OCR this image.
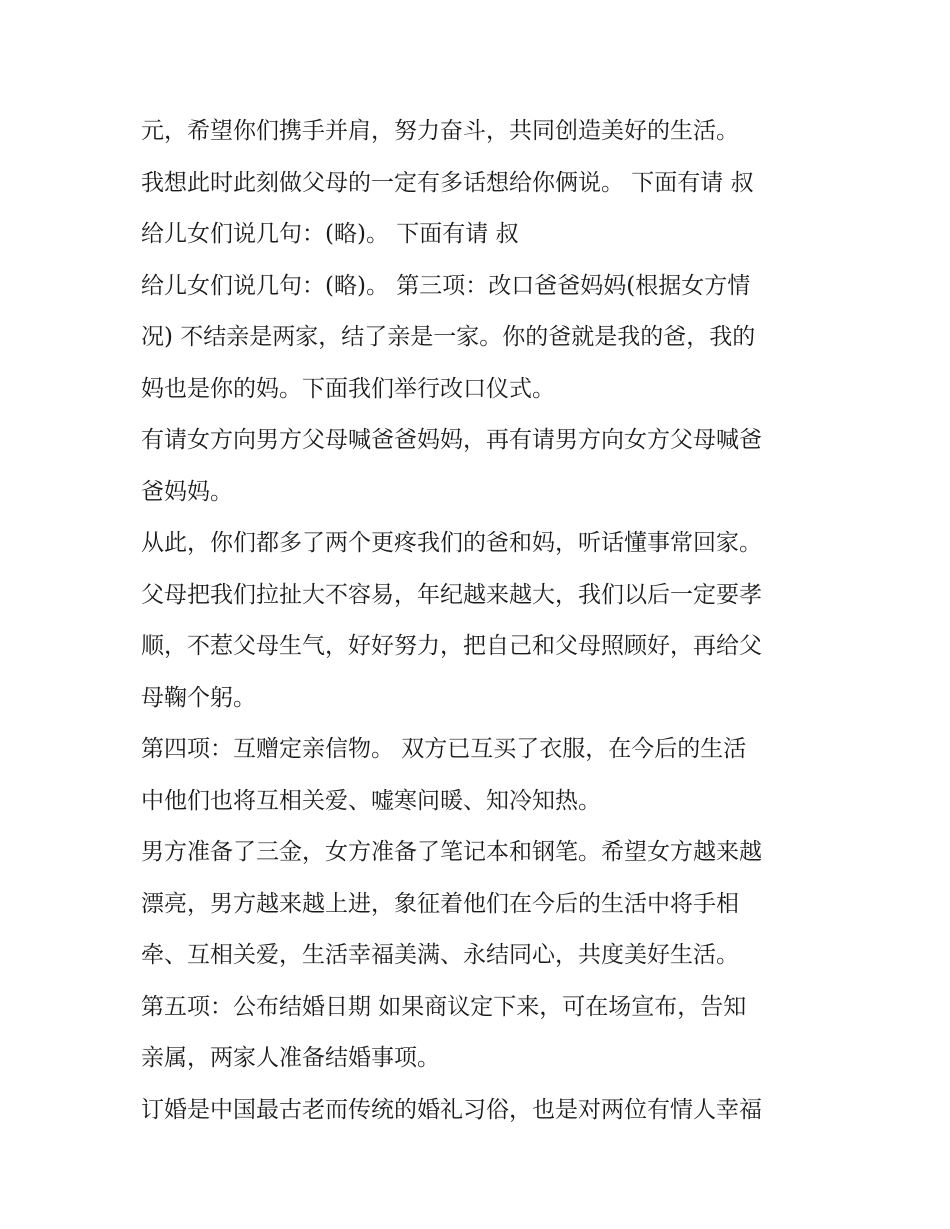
元，希望你们携手并肩，努力奋斗，共同创造美好的生活。
我想此时此刻做父母的一定有多话想给你俩说。 下面有请 叔
给儿女们说几句：(略)。 下面有请 叔
给儿女们说几句：(略)。 第三项：改口爸爸妈妈(根据女方情
况) 不结亲是两家，结了亲是一家。你的爸就是我的爸，我的
妈也是你的妈。下面我们举行改口仪式。
有请女方向男方父母喊爸爸妈妈，再有请男方向女方父母喊爸
爸妈妈。
从此，你们都多了两个更疼我们的爸和妈，听话懂事常回家。
父母把我们拉扯大不容易，年纪越来越大，我们以后一定要孝
顺，不惹父母生气，好好努力，把自己和父母照顾好，再给父
母鞠个躬。
第四项：互赠定亲信物。 双方已互买了衣服，在今后的生活
中他们也将互相关爱、嘘寒问暖、知冷知热。
男方准备了三金，女方准备了笔记本和钢笔。希望女方越来越
漂亮，男方越来越上进，象征着他们在今后的生活中将手相
牵、互相关爱，生活幸福美满、永结同心，共度美好生活。
第五项：公布结婚日期 如果商议定下来，可在场宣布，告知
亲属，两家人准备结婚事项。
订婚是中国最古老而传统的婚礼习俗，也是对两位有情人幸福
